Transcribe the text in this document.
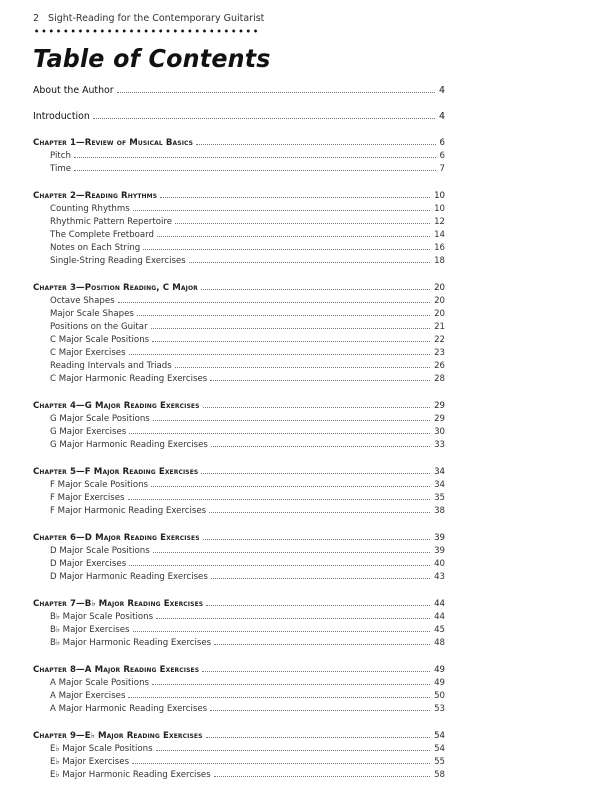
2 Sight-Reading for the Contemporary Guitarist
Table of Contents
About the Author	4
Introduction	4
Chapter 1—Review of Musical Basics	6
Pitch	6
Time	7
Chapter 2—Reading Rhythms	10
Counting Rhythms	10
Rhythmic Pattern Repertoire	12
The Complete Fretboard	14
Notes on Each String	16
Single-String Reading Exercises	18
Chapter 3—Position Reading, C Major	20
Octave Shapes	20
Major Scale Shapes	20
Positions on the Guitar	21
C Major Scale Positions	22
C Major Exercises	23
Reading Intervals and Triads	26
C Major Harmonic Reading Exercises	28
Chapter 4—G Major Reading Exercises	29
G Major Scale Positions	29
G Major Exercises	30
G Major Harmonic Reading Exercises	33
Chapter 5—F Major Reading Exercises	34
F Major Scale Positions	34
F Major Exercises	35
F Major Harmonic Reading Exercises	38
Chapter 6—D Major Reading Exercises	39
D Major Scale Positions	39
D Major Exercises	40
D Major Harmonic Reading Exercises	43
Chapter 7—B♭ Major Reading Exercises	44
B♭ Major Scale Positions	44
B♭ Major Exercises	45
B♭ Major Harmonic Reading Exercises	48
Chapter 8—A Major Reading Exercises	49
A Major Scale Positions	49
A Major Exercises	50
A Major Harmonic Reading Exercises	53
Chapter 9—E♭ Major Reading Exercises	54
E♭ Major Scale Positions	54
E♭ Major Exercises	55
E♭ Major Harmonic Reading Exercises	58
